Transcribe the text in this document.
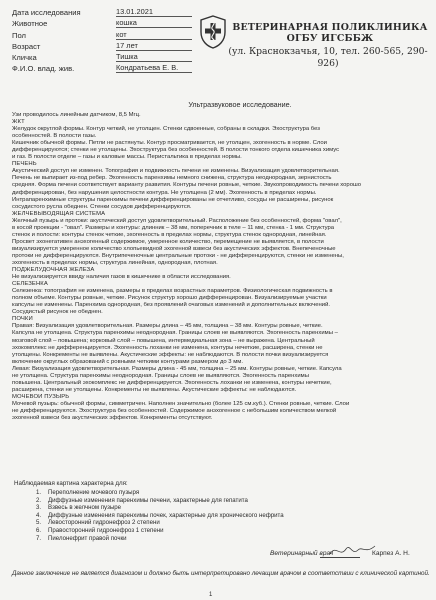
Дата исследования	13.01.2021
Животное	кошка
Пол	кот
Возраст	17 лет
Кличка	Тишка
Ф.И.О. влад. жив.	Кондратьева Е. В.
ВЕТЕРИНАРНАЯ ПОЛИКЛИНИКА
ОГБУ ИГСББЖ
(ул. Краснокзачья, 10, тел. 260-565, 290-
926)
Ультразвуковое исследование.
Узи проводилось линейным датчиком, 8,5 Мгц.
ЖКТ
Желудок округлой формы. Контур четкий, не утолщен. Стенки сдвоенные, собраны в складки. Эхоструктура без
особенностей. В полости газы.
Кишечник обычной формы. Петли не растянуты. Контур просматривается, не утолщен, эхогенность в норме. Слои
дифференцируются; стенки не утолщены. Эхоструктура без особенностей. В полости тонкого отдела кишечника химус
и газ. В полости отделе – газы и каловые массы. Перистальтика в пределах нормы.
ПЕЧЕНЬ
Акустический доступ не изменен. Топография и подвижность печени не изменены. Визуализация удовлетворительная.
Печень не выпирает из-под ребер. Эхогенность паренхимы немного снижена, структура неоднородная, зернистость
средняя. Форма печени соответствует варианту развития. Контуры печени ровные, четкие. Звукопроводимость печени хорошо
дифференцирован, без нарушения целостности контура. Не утолщена (2 мм). Эхогенность в пределах нормы.
Интрапаренхимные структуры паренхимы печени дифференцированы не отчетливо, сосуды не расширены, рисунок
сосудистого русла обеднен. Стенки сосудов дифференцируются.
ЖЕЛЧЕВЫВОДЯЩАЯ СИСТЕМА
Желчный пузырь и протоки: акустический доступ удовлетворительный. Расположение без особенностей, форма "овал",
в косой проекции - "овал". Размеры и контуры: длинник – 38 мм, поперечник в теле – 11 мм, стенка - 1 мм. Структура
стенок и полости: контуры стенок четкие, эхогенность в пределах нормы, структура стенок однородная, линейная.
Просвет эхонегативен анэхогенный содержимое, умеренное количество, перемещение не выявляется, в полости
визуализируется умеренное количество хлопьевидной эхогенной взвеси без акустических эффектов. Внепеченочные
протоки не дифференцируются. Внутрипеченочные центральные протоки - не дифференцируются, стенки не изменены,
эхогенность в пределах нормы, структура линейная, однородная, плотная.
ПОДЖЕЛУДОЧНАЯ ЖЕЛЕЗА
Не визуализируется ввиду наличия газов в кишечнике в области исследования.
СЕЛЕЗЁНКА
Селезенка: топография не изменена, размеры в пределах возрастных параметров. Физиологическая подвижность в
полном объеме. Контуры ровные, четкие. Рисунок структур хорошо дифференцирован. Визуализируемые участки
капсулы не изменены. Паренхима однородная, без проявлений очаговых изменений и дополнительных включений.
Сосудистый рисунок не обеднен.
ПОЧКИ
Правая: Визуализация удовлетворительная. Размеры длина – 45 мм, толщина – 38 мм. Контуры ровные, четкие.
Капсула не утолщена. Структура паренхимы неоднородная. Границы слоев не выявляются. Эхогенность паренхимы –
мозговой слой – повышена; корковый слой – повышена, интермедиальная зона – не выражена. Центральный
эхокомплекс не дифференцируется. Эхогенность лоханки не изменена, контуры нечеткие, расширена, стенки не
утолщены. Конкременты не выявлены. Акустические эффекты: не наблюдаются. В полости почки визуализируется
включение округлых образований с ровными четкими контурами размером до 3 мм.
Левая: Визуализация удовлетворительная. Размеры длина - 45 мм, толщина – 25 мм. Контуры ровные, четкие. Капсула
не утолщена. Структура паренхимы неоднородная. Границы слоев не выявляются. Эхогенность паренхимы
повышена. Центральный эхокомплекс не дифференцируется. Эхогенность лоханки не изменена, контуры нечеткие,
расширена, стенки не утолщены. Конкременты не выявлены. Акустические эффекты: не наблюдаются.
МОЧЕВОЙ ПУЗЫРЬ
Мочевой пузырь: обычной формы, симметричен. Наполнен значительно (более 125 см.куб.). Стенки ровные, четкие. Слои
не дифференцируются. Эхоструктура без особенностей. Содержимое анэхогенное с небольшим количеством мелкой
эхогенной взвеси без акустических эффектов. Конкременты отсутствуют.
Наблюдаемая картина характерна для:
1.	Переполнение мочевого пузыря
2.	Диффузные изменения паренхимы печени, характерные для гепатита
3.	Взвесь в желчном пузыре
4.	Диффузные изменения паренхимы почек, характерные для хронического нефрита
5.	Левосторонний гидронефроз 2 степени
6.	Правосторонний гидронефроз 1 степени
7.	Пиелонефрит правой почки
Ветеринарный врач	Карпез А. Н.
Данное заключение не является диагнозом и должно быть интерпретировано лечащим врачом в соответствии с клинической картиной.
1
